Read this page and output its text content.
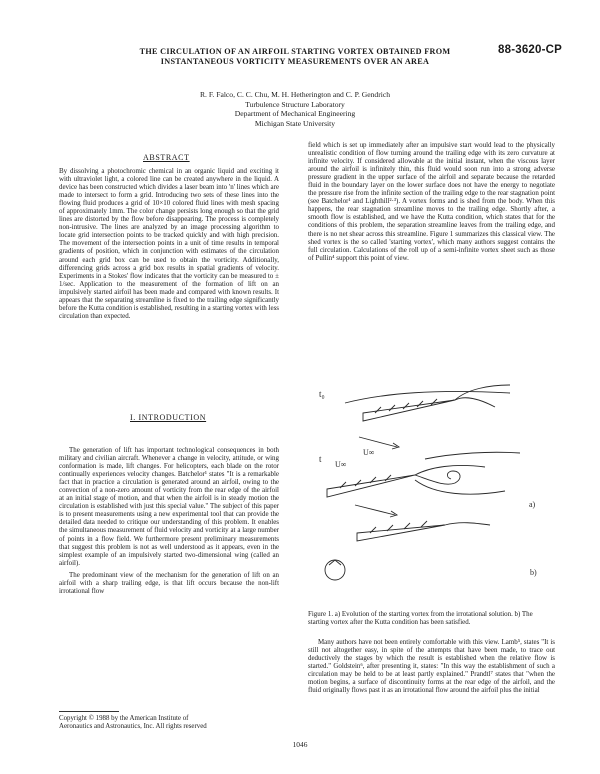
88-3620-CP
THE CIRCULATION OF AN AIRFOIL STARTING VORTEX OBTAINED FROM
INSTANTANEOUS VORTICITY MEASUREMENTS OVER AN AREA
R. F. Falco, C. C. Chu, M. H. Hetherington and C. P. Gendrich
Turbulence Structure Laboratory
Department of Mechanical Engineering
Michigan State University
ABSTRACT

By dissolving a photochromic chemical in an organic liquid and exciting it with ultraviolet light, a colored line can be created anywhere in the liquid. A device has been constructed which divides a laser beam into 'n' lines which are made to intersect to form a grid. Introducing two sets of these lines into the flowing fluid produces a grid of 10×10 colored fluid lines with mesh spacing of approximately 1mm. The color change persists long enough so that the grid lines are distorted by the flow before disappearing. The process is completely non-intrusive. The lines are analyzed by an image processing algorithm to locate grid intersection points to be tracked quickly and with high precision. The movement of the intersection points in a unit of time results in temporal gradients of position, which in conjunction with estimates of the circulation around each grid box can be used to obtain the vorticity. Additionally, differencing grids across a grid box results in spatial gradients of velocity. Experiments in a Stokes' flow indicates that the vorticity can be measured to ± 1/sec. Application to the measurement of the formation of lift on an impulsively started airfoil has been made and compared with known results. It appears that the separating streamline is fixed to the trailing edge significantly before the Kutta condition is established, resulting in a starting vortex with less circulation than expected.

I. INTRODUCTION

The generation of lift has important technological consequences in both military and civilian aircraft. Whenever a change in velocity, attitude, or wing conformation is made, lift changes. For helicopters, each blade on the rotor continually experiences velocity changes. Batchelor¹ states "It is a remarkable fact that in practice a circulation is generated around an airfoil, owing to the convection of a non-zero amount of vorticity from the rear edge of the airfoil at an initial stage of motion, and that when the airfoil is in steady motion the circulation is established with just this special value." The subject of this paper is to present measurements using a new experimental tool that can provide the detailed data needed to critique our understanding of this problem. It enables the simultaneous measurement of fluid velocity and vorticity at a large number of points in a flow field. We furthermore present preliminary measurements that suggest this problem is not as well understood as it appears, even in the simplest example of an impulsively started two-dimensional wing (called an airfoil).

The predominant view of the mechanism for the generation of lift on an airfoil with a sharp trailing edge, is that lift occurs because the non-lift irrotational flow

Copyright © 1988 by the American Institute of
Aeronautics and Astronautics, Inc. All rights reserved

field which is set up immediately after an impulsive start would lead to the physically unrealistic condition of flow turning around the trailing edge with its zero curvature at infinite velocity. If considered allowable at the initial instant, when the viscous layer around the airfoil is infinitely thin, this fluid would soon run into a strong adverse pressure gradient in the upper surface of the airfoil and separate because the retarded fluid in the boundary layer on the lower surface does not have the energy to negotiate the pressure rise from the infinite section of the trailing edge to the rear stagnation point (see Batchelor¹ and Lighthill²·³). A vortex forms and is shed from the body. When this happens, the rear stagnation streamline moves to the trailing edge. Shortly after, a smooth flow is established, and we have the Kutta condition, which states that for the conditions of this problem, the separation streamline leaves from the trailing edge, and there is no net shear across this streamline. Figure 1 summarizes this classical view. The shed vortex is the so called 'starting vortex', which many authors suggest contains the full circulation. Calculations of the roll up of a semi-infinite vortex sheet such as those of Pullin⁴ support this point of view.

t₀
U∞
t
U∞
a)
b)
Figure 1. a) Evolution of the starting vortex from the irrotational solution. b) The starting vortex after the Kutta condition has been satisfied.

Many authors have not been entirely comfortable with this view. Lamb⁵, states "It is still not altogether easy, in spite of the attempts that have been made, to trace out deductively the stages by which the result is established when the relative flow is started." Goldstein⁶, after presenting it, states: "In this way the establishment of such a circulation may be held to be at least partly explained." Prandtl⁷ states that "when the motion begins, a surface of discontinuity forms at the rear edge of the airfoil, and the fluid originally flows past it as an irrotational flow around the airfoil plus the initial

1046
